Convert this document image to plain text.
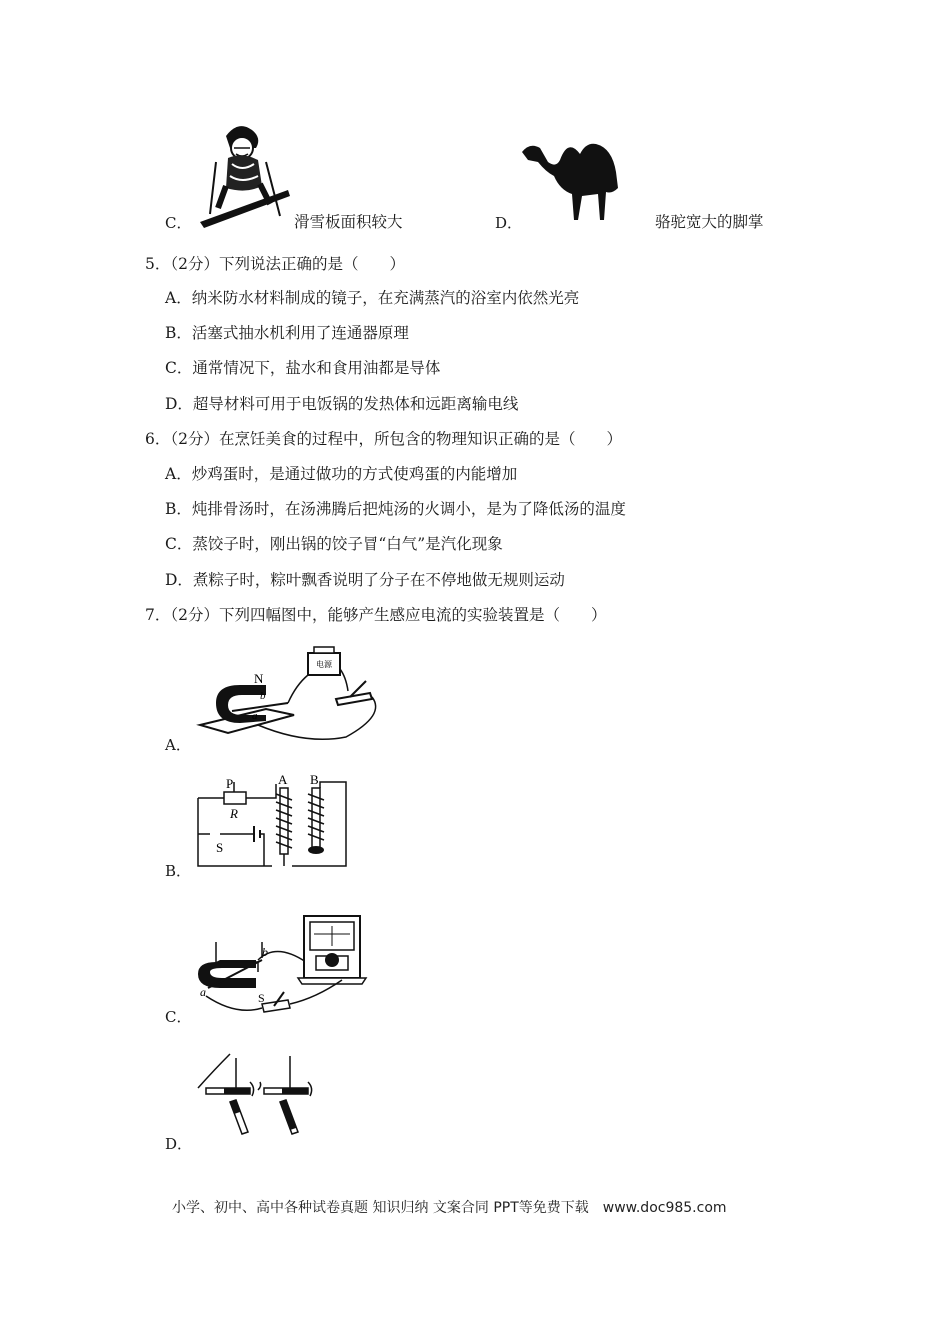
C．	滑雪板面积较大	D．	骆驼宽大的脚掌
5．（2分）下列说法正确的是（　　）
A．纳米防水材料制成的镜子，在充满蒸汽的浴室内依然光亮
B．活塞式抽水机利用了连通器原理
C．通常情况下，盐水和食用油都是导体
D．超导材料可用于电饭锅的发热体和远距离输电线
6．（2分）在烹饪美食的过程中，所包含的物理知识正确的是（　　）
A．炒鸡蛋时，是通过做功的方式使鸡蛋的内能增加
B．炖排骨汤时，在汤沸腾后把炖汤的火调小，是为了降低汤的温度
C．蒸饺子时，刚出锅的饺子冒“白气”是汽化现象
D．煮粽子时，粽叶飘香说明了分子在不停地做无规则运动
7．（2分）下列四幅图中，能够产生感应电流的实验装置是（　　）
电源
N
b
a
A．
P
R
S
A B
B．
b
a	S
C．
D．
小学、初中、高中各种试卷真题 知识归纳 文案合同 PPT等免费下载　www.doc985.com
